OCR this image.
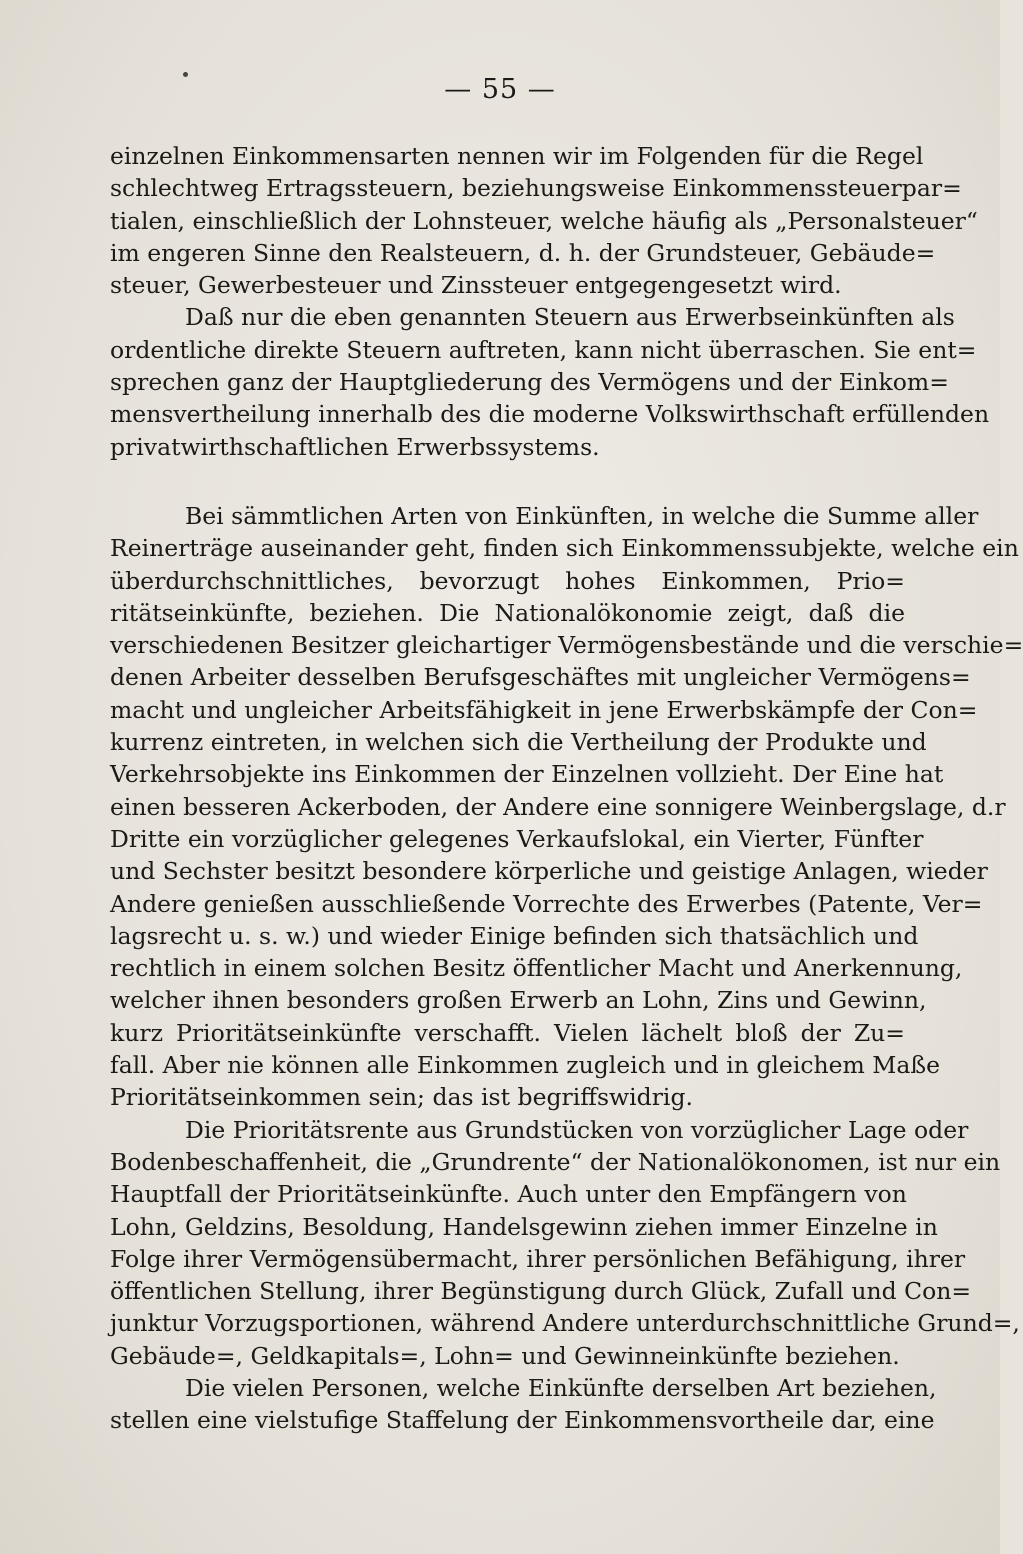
— 55 —
einzelnen Einkommensarten nennen wir im Folgenden für die Regel
schlechtweg Ertragssteuern, beziehungsweise Einkommenssteuerpar=
tialen, einschließlich der Lohnsteuer, welche häufig als „Personalsteuer“
im engeren Sinne den Realsteuern, d. h. der Grundsteuer, Gebäude=
steuer, Gewerbesteuer und Zinssteuer entgegengesetzt wird.
Daß nur die eben genannten Steuern aus Erwerbseinkünften als
ordentliche direkte Steuern auftreten, kann nicht überraschen. Sie ent=
sprechen ganz der Hauptgliederung des Vermögens und der Einkom=
mensvertheilung innerhalb des die moderne Volkswirthschaft erfüllenden
privatwirthschaftlichen Erwerbssystems.
Bei sämmtlichen Arten von Einkünften, in welche die Summe aller
Reinerträge auseinander geht, finden sich Einkommenssubjekte, welche ein
überdurchschnittliches, bevorzugt hohes Einkommen, Prio=
ritätseinkünfte, beziehen. Die Nationalökonomie zeigt, daß die
verschiedenen Besitzer gleichartiger Vermögensbestände und die verschie=
denen Arbeiter desselben Berufsgeschäftes mit ungleicher Vermögens=
macht und ungleicher Arbeitsfähigkeit in jene Erwerbskämpfe der Con=
kurrenz eintreten, in welchen sich die Vertheilung der Produkte und
Verkehrsobjekte ins Einkommen der Einzelnen vollzieht. Der Eine hat
einen besseren Ackerboden, der Andere eine sonnigere Weinbergslage, d.r
Dritte ein vorzüglicher gelegenes Verkaufslokal, ein Vierter, Fünfter
und Sechster besitzt besondere körperliche und geistige Anlagen, wieder
Andere genießen ausschließende Vorrechte des Erwerbes (Patente, Ver=
lagsrecht u. s. w.) und wieder Einige befinden sich thatsächlich und
rechtlich in einem solchen Besitz öffentlicher Macht und Anerkennung,
welcher ihnen besonders großen Erwerb an Lohn, Zins und Gewinn,
kurz Prioritätseinkünfte verschafft. Vielen lächelt bloß der Zu=
fall. Aber nie können alle Einkommen zugleich und in gleichem Maße
Prioritätseinkommen sein; das ist begriffswidrig.
Die Prioritätsrente aus Grundstücken von vorzüglicher Lage oder
Bodenbeschaffenheit, die „Grundrente“ der Nationalökonomen, ist nur ein
Hauptfall der Prioritätseinkünfte. Auch unter den Empfängern von
Lohn, Geldzins, Besoldung, Handelsgewinn ziehen immer Einzelne in
Folge ihrer Vermögensübermacht, ihrer persönlichen Befähigung, ihrer
öffentlichen Stellung, ihrer Begünstigung durch Glück, Zufall und Con=
junktur Vorzugsportionen, während Andere unterdurchschnittliche Grund=,
Gebäude=, Geldkapitals=, Lohn= und Gewinneinkünfte beziehen.
Die vielen Personen, welche Einkünfte derselben Art beziehen,
stellen eine vielstufige Staffelung der Einkommensvortheile dar, eine
